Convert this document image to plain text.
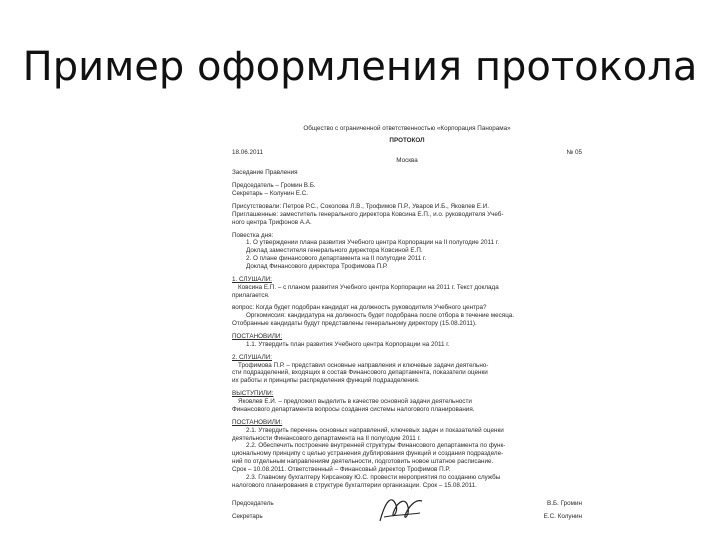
Пример оформления протокола
Общество с ограниченной ответственностью «Корпорация Панорама»
ПРОТОКОЛ
18.06.2011	№ 05
Москва
Заседание Правления
Председатель – Громин В.Б.
Секретарь – Колунин Е.С.
Присутствовали: Петров Р.С., Соколова Л.В., Трофимов П.Р., Уваров И.Б., Яковлев Е.И.
Приглашенные: заместитель генерального директора Ковсина Е.П., и.о. руководителя Учеб-
ного центра Трифонов А.А.
Повестка дня:
1. О утверждении плана развития Учебного центра Корпорации на II полугодие 2011 г.
Доклад заместителя генерального директора Ковсиной Е.П.
2. О плане финансового департамента на II полугодие 2011 г.
Доклад Финансового директора Трофимова П.Р.
1. СЛУШАЛИ:
Ковсина Е.П. – с планом развития Учебного центра Корпорации на 2011 г. Текст доклада
прилагается.
вопрос: Когда будет подобран кандидат на должность руководителя Учебного центра?
Оргкомиссия: кандидатура на должность будет подобрана после отбора в течение месяца.
Отобранные кандидаты будут представлены генеральному директору (15.08.2011).
ПОСТАНОВИЛИ:
1.1. Утвердить план развития Учебного центра Корпорации на 2011 г.
2. СЛУШАЛИ:
Трофимова П.Р. – представил основные направления и ключевые задачи деятельно-
сти подразделений, входящих в состав Финансового департамента, показатели оценки
их работы и принципы распределения функций подразделения.
ВЫСТУПИЛИ:
Яковлев Е.И. – предложил выделить в качестве основной задачи деятельности
Финансового департамента вопросы создания системы налогового планирования.
ПОСТАНОВИЛИ:
2.1. Утвердить перечень основных направлений, ключевых задач и показателей оценки
деятельности Финансового департамента на II полугодие 2011 г.
2.2. Обеспечить построение внутренней структуры Финансового департамента по функ-
циональному принципу с целью устранения дублирования функций и создания подразделе-
ний по отдельным направлениям деятельности, подготовить новое штатное расписание.
Срок – 10.08.2011. Ответственный – Финансовый директор Трофимов П.Р.
2.3. Главному бухгалтеру Кирсанову Ю.С. провести мероприятия по созданию службы
налогового планирования в структуре бухгалтерии организации. Срок – 15.08.2011.
Председатель	В.Б. Громин
Секретарь	Е.С. Колунин
